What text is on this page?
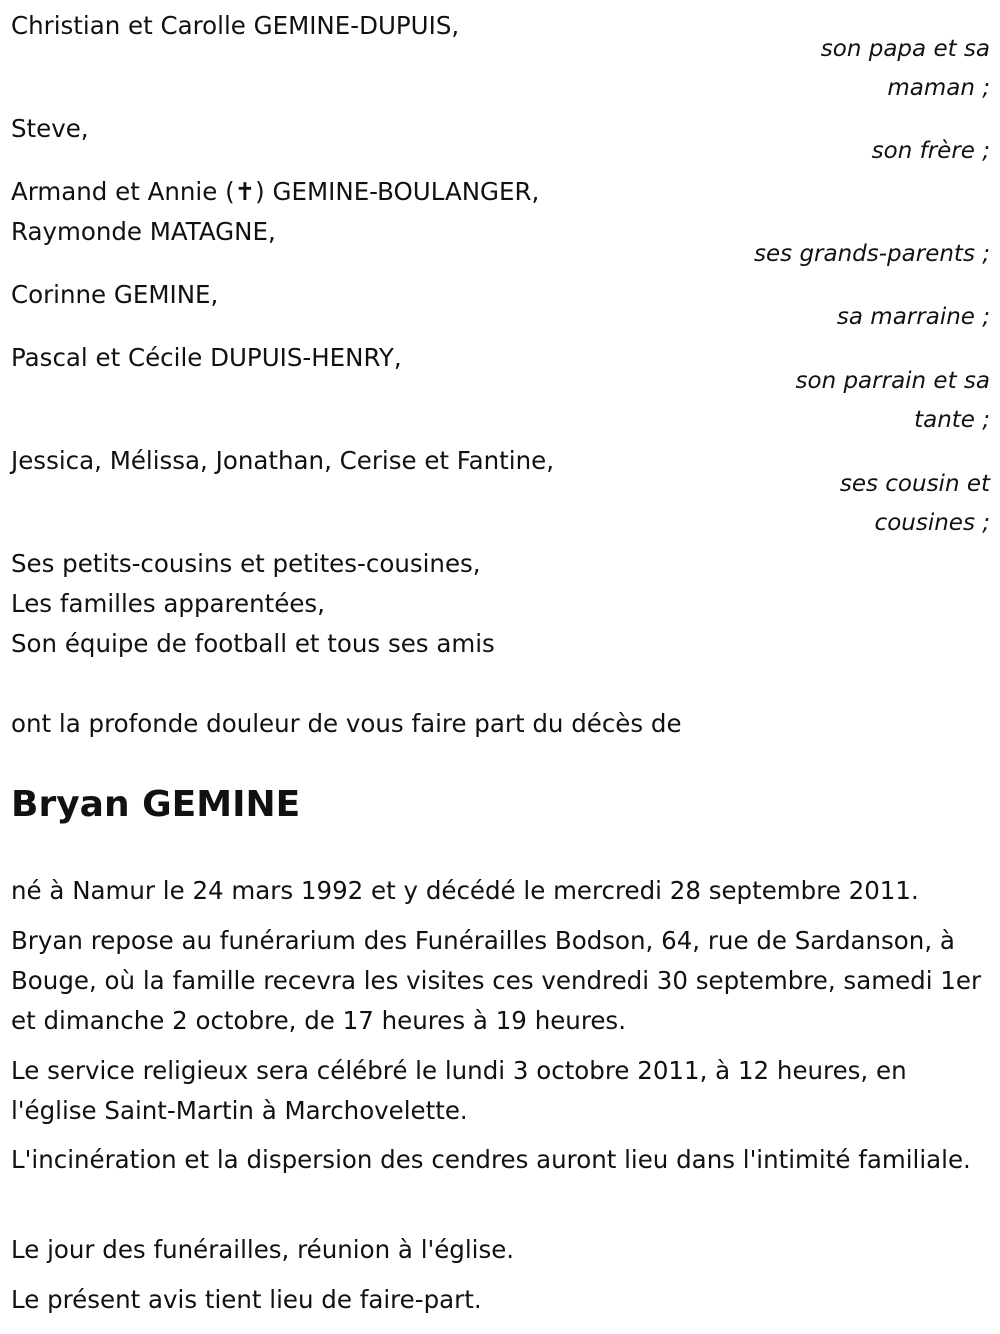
Christian et Carolle GEMINE-DUPUIS,

son papa et sa

maman ;

Steve,

son frère ;

Armand et Annie (✝) GEMINE-BOULANGER,

Raymonde MATAGNE,

ses grands-parents ;

Corinne GEMINE,

sa marraine ;

Pascal et Cécile DUPUIS-HENRY,

son parrain et sa

tante ;

Jessica, Mélissa, Jonathan, Cerise et Fantine,

ses cousin et

cousines ;

Ses petits-cousins et petites-cousines,

Les familles apparentées,

Son équipe de football et tous ses amis

ont la profonde douleur de vous faire part du décès de

Bryan GEMINE

né à Namur le 24 mars 1992 et y décédé le mercredi 28 septembre 2011.

Bryan repose au funérarium des Funérailles Bodson, 64, rue de Sardanson, à Bouge, où la famille recevra les visites ces vendredi 30 septembre, samedi 1er et dimanche 2 octobre, de 17 heures à 19 heures.

Le service religieux sera célébré le lundi 3 octobre 2011, à 12 heures, en l'église Saint-Martin à Marchovelette.

L'incinération et la dispersion des cendres auront lieu dans l'intimité familiale.

Le jour des funérailles, réunion à l'église.

Le présent avis tient lieu de faire-part.
